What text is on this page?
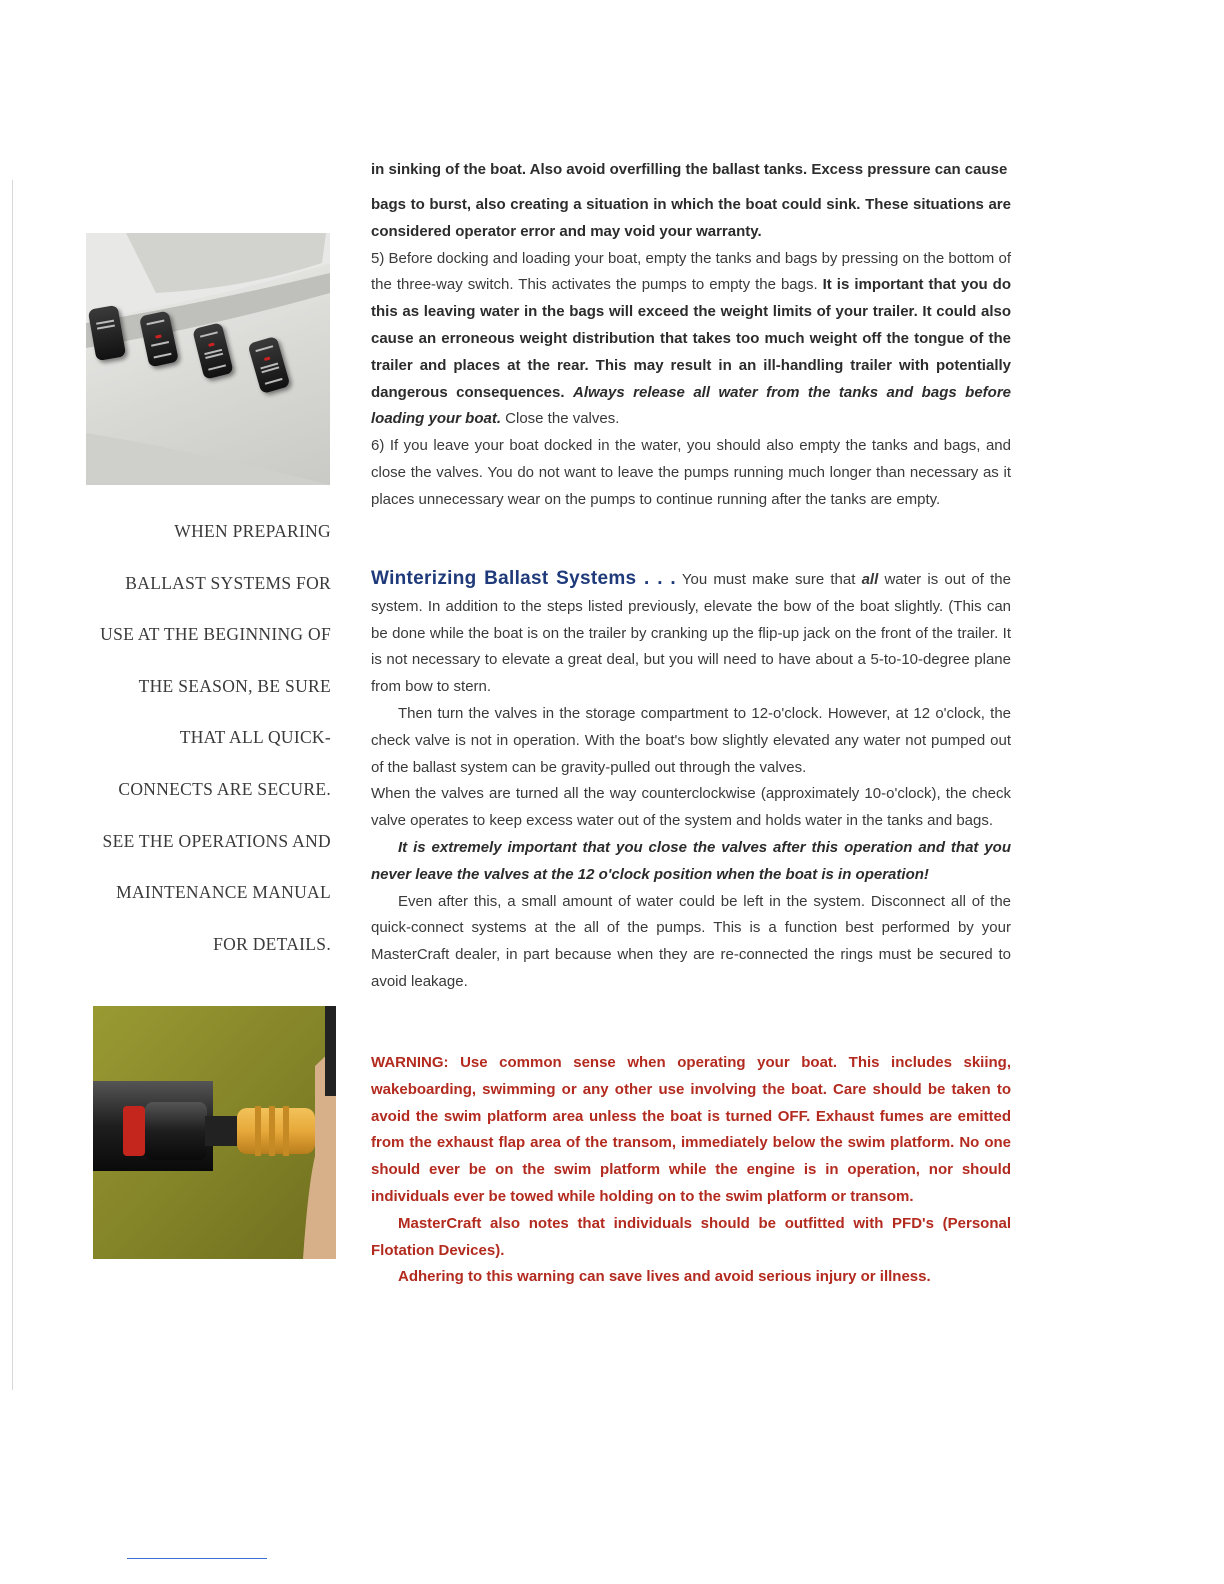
WHEN PREPARING
BALLAST SYSTEMS FOR
USE AT THE BEGINNING OF
THE SEASON, BE SURE
THAT ALL QUICK-
CONNECTS ARE SECURE.
SEE THE OPERATIONS AND
MAINTENANCE MANUAL
FOR DETAILS.
in sinking of the boat. Also avoid overfilling the ballast tanks. Excess pressure can cause

bags to burst, also creating a situation in which the boat could sink. These situations are considered operator error and may void your warranty.

5) Before docking and loading your boat, empty the tanks and bags by pressing on the bottom of the three-way switch. This activates the pumps to empty the bags. It is important that you do this as leaving water in the bags will exceed the weight limits of your trailer. It could also cause an erroneous weight distribution that takes too much weight off the tongue of the trailer and places at the rear. This may result in an ill-handling trailer with potentially dangerous consequences. Always release all water from the tanks and bags before loading your boat. Close the valves.

6) If you leave your boat docked in the water, you should also empty the tanks and bags, and close the valves. You do not want to leave the pumps running much longer than necessary as it places unnecessary wear on the pumps to continue running after the tanks are empty.

Winterizing Ballast Systems . . . You must make sure that all water is out of the system. In addition to the steps listed previously, elevate the bow of the boat slightly. (This can be done while the boat is on the trailer by cranking up the flip-up jack on the front of the trailer. It is not necessary to elevate a great deal, but you will need to have about a 5-to-10-degree plane from bow to stern.

Then turn the valves in the storage compartment to 12-o'clock. However, at 12 o'clock, the check valve is not in operation. With the boat's bow slightly elevated any water not pumped out of the ballast system can be gravity-pulled out through the valves.

When the valves are turned all the way counterclockwise (approximately 10-o'clock), the check valve operates to keep excess water out of the system and holds water in the tanks and bags.

It is extremely important that you close the valves after this operation and that you never leave the valves at the 12 o'clock position when the boat is in operation!

Even after this, a small amount of water could be left in the system. Disconnect all of the quick-connect systems at the all of the pumps. This is a function best performed by your MasterCraft dealer, in part because when they are re-connected the rings must be secured to avoid leakage.

WARNING: Use common sense when operating your boat. This includes skiing, wakeboarding, swimming or any other use involving the boat. Care should be taken to avoid the swim platform area unless the boat is turned OFF. Exhaust fumes are emitted from the exhaust flap area of the transom, immediately below the swim platform. No one should ever be on the swim platform while the engine is in operation, nor should individuals ever be towed while holding on to the swim platform or transom.

MasterCraft also notes that individuals should be outfitted with PFD's (Personal Flotation Devices).

Adhering to this warning can save lives and avoid serious injury or illness.
